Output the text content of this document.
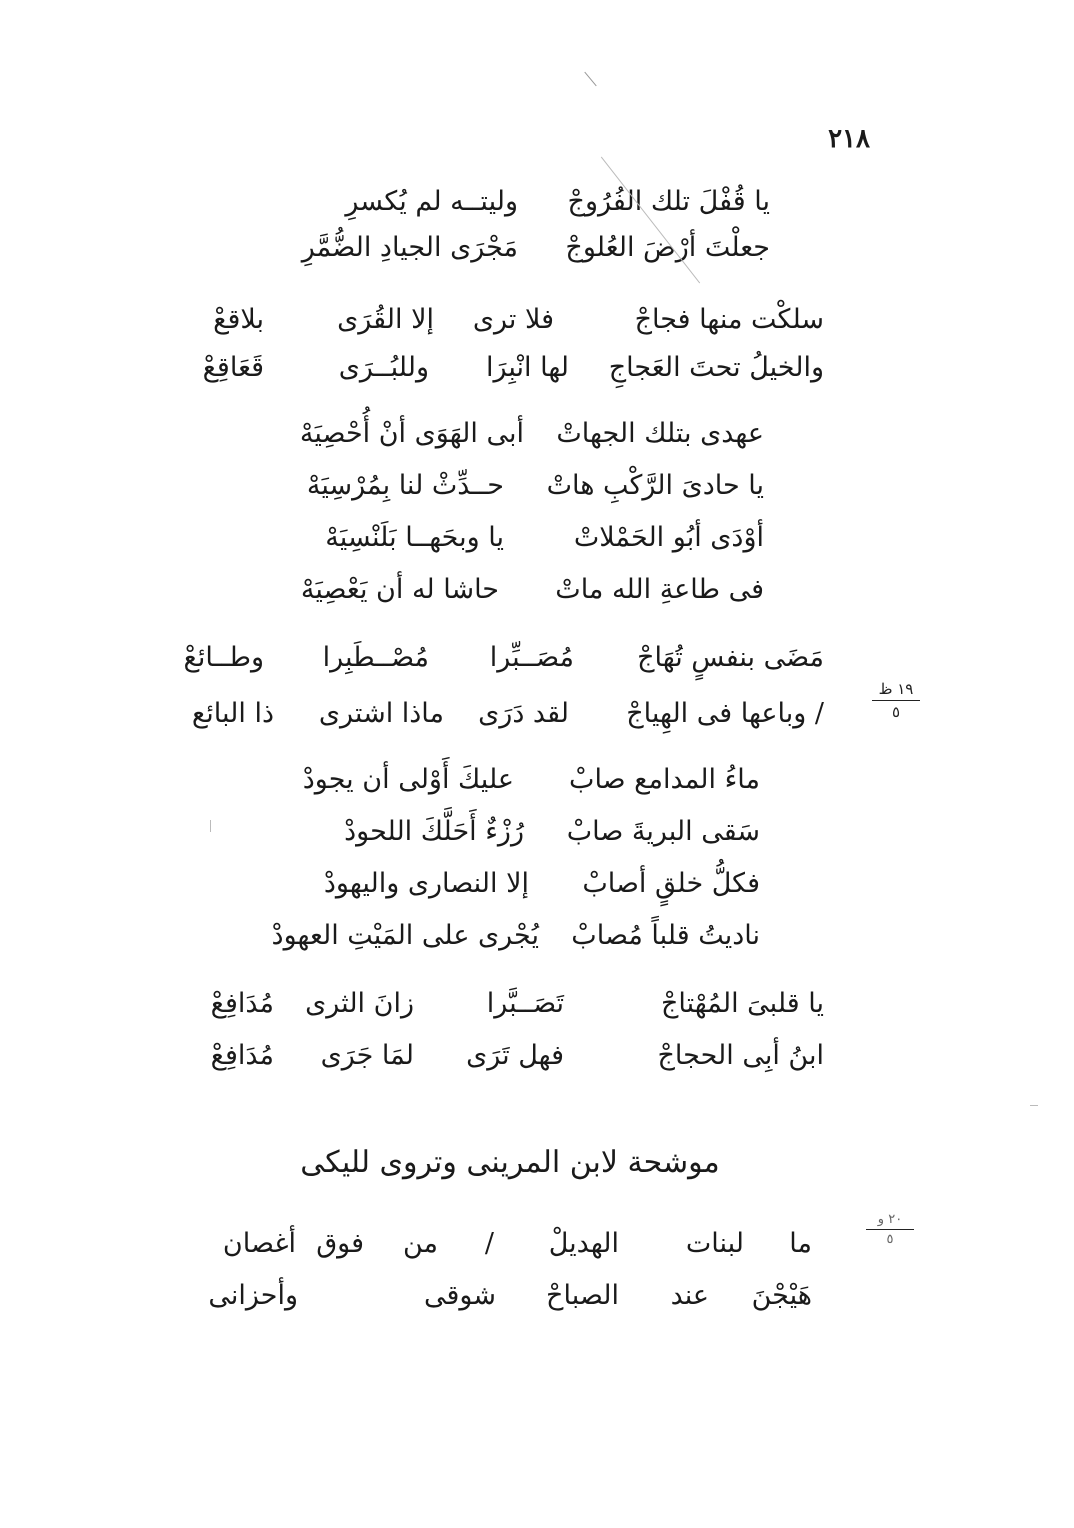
٢١٨
يا قُفْلَ تلك الفُرُوجْ
وليتــه لم يُكسرِ
جعلْتَ أرْضَ العُلوجْ
مَجْرَى الجيادِ الضُّمَّرِ
سلكْت منها فجاجْ
فلا ترى
إلا القُرَى
بلاقعْ
والخيلُ تحتَ العَجاجِ
لها انْبِرَا
وللبُــرَى
قَعَاقِعْ
عهدى بتلك الجهاتْ
أبى الهَوَى أنْ أُحْصِيَهْ
يا حادىَ الرَّكْبِ هاتْ
حــدِّثْ لنا بِمُرْسِيَهْ
أوْدَى أبُو الحَمْلاتْ
يا وبحَهــا بَلَنْسِيَهْ
فى طاعةِ الله ماتْ
حاشا له أن يَعْصِيَهْ
مَضَى بنفسٍ تُهَاجْ
مُصَــبِّرا
مُصْــطَبِرا
وطــائعْ
/ وباعها فى الهِياجْ
لقد دَرَى
ماذا اشترى
ذا البائع
١٩ ظ
٥
ماءُ المدامع صابْ
عليكَ أَوْلى أن يجودْ
سَقى البريةَ صابْ
رُزْءٌ أَحَلَّكَ اللحودْ
فكلُّ خلقٍ أصابْ
إلا النصارى واليهودْ
ناديتُ قلباً مُصابْ
يُجْرى على المَيْتِ العهودْ
يا قلبىَ المُهْتاجْ
تَصَــبَّرا
زانَ الثرى
مُدَافِعْ
ابنُ أبِى الحجاجْ
فهل تَرَى
لمَا جَرَى
مُدَافِعْ
موشحة لابن المرينى وتروى لليكى
ما
لبنات
الهديلْ
/
من
فوق
أغصان
هَيْجْنَ
عند
الصباحْ
شوقى
وأحزانى
٢٠ و
٥
